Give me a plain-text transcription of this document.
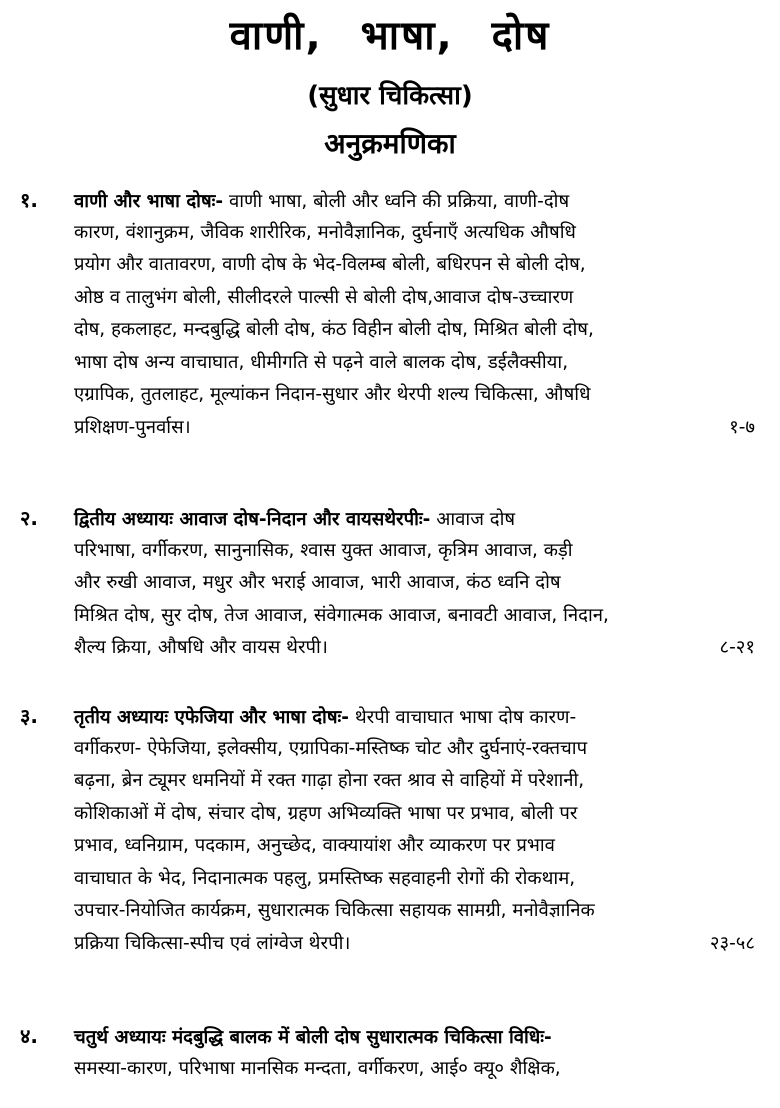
वाणी, भाषा, दोष
(सुधार चिकित्सा)
अनुक्रमणिका
१. वाणी और भाषा दोषः- वाणी भाषा, बोली और ध्वनि की प्रक्रिया, वाणी-दोष
कारण, वंशानुक्रम, जैविक शारीरिक, मनोवैज्ञानिक, दुर्घनाएँ अत्यधिक औषधि
प्रयोग और वातावरण, वाणी दोष के भेद-विलम्ब बोली, बधिरपन से बोली दोष,
ओष्ठ व तालुभंग बोली, सीलीदरले पाल्सी से बोली दोष,आवाज दोष-उच्चारण
दोष, हकलाहट, मन्दबुद्धि बोली दोष, कंठ विहीन बोली दोष, मिश्रित बोली दोष,
भाषा दोष अन्य वाचाघात, धीमीगति से पढ़ने वाले बालक दोष, डईलैक्सीया,
एग्रापिक, तुतलाहट, मूल्यांकन निदान-सुधार और थेरपी शल्य चिकित्सा, औषधि
प्रशिक्षण-पुनर्वास।	१-७
२. द्वितीय अध्यायः आवाज दोष-निदान और वायसथेरपीः- आवाज दोष
परिभाषा, वर्गीकरण, सानुनासिक, श्वास युक्त आवाज, कृत्रिम आवाज, कड़ी
और रुखी आवाज, मधुर और भराई आवाज, भारी आवाज, कंठ ध्वनि दोष
मिश्रित दोष, सुर दोष, तेज आवाज, संवेगात्मक आवाज, बनावटी आवाज, निदान,
शैल्य क्रिया, औषधि और वायस थेरपी।	८-२१
३. तृतीय अध्यायः एफेजिया और भाषा दोषः- थेरपी वाचाघात भाषा दोष कारण-
वर्गीकरण- ऐफेजिया, इलेक्सीय, एग्रापिका-मस्तिष्क चोट और दुर्घनाएं-रक्तचाप
बढ़ना, ब्रेन ट्यूमर धमनियों में रक्त गाढ़ा होना रक्त श्राव से वाहियों में परेशानी,
कोशिकाओं में दोष, संचार दोष, ग्रहण अभिव्यक्ति भाषा पर प्रभाव, बोली पर
प्रभाव, ध्वनिग्राम, पदकाम, अनुच्छेद, वाक्यायांश और व्याकरण पर प्रभाव
वाचाघात के भेद, निदानात्मक पहलु, प्रमस्तिष्क सहवाहनी रोगों की रोकथाम,
उपचार-नियोजित कार्यक्रम, सुधारात्मक चिकित्सा सहायक सामग्री, मनोवैज्ञानिक
प्रक्रिया चिकित्सा-स्पीच एवं लांग्वेज थेरपी।	२३-५८
४. चतुर्थ अध्यायः मंदबुद्धि बालक में बोली दोष सुधारात्मक चिकित्सा विधिः-
समस्या-कारण, परिभाषा मानसिक मन्दता, वर्गीकरण, आई० क्यू० शैक्षिक,
